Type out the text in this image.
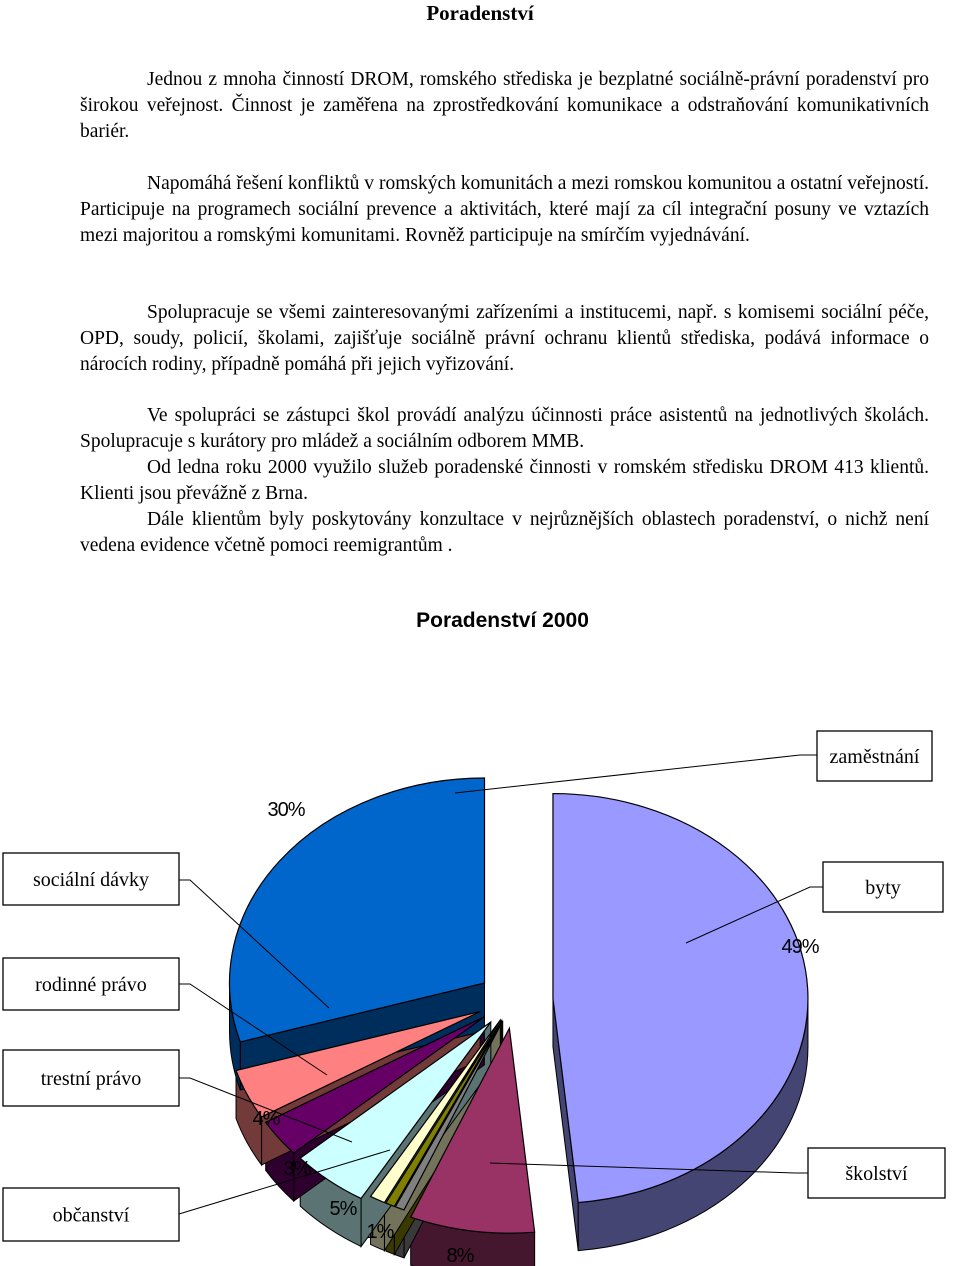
Poradenství

Jednou z mnoha činností DROM, romského střediska je bezplatné sociálně-právní poradenství pro širokou veřejnost. Činnost je zaměřena na zprostředkování komunikace a odstraňování komunikativních bariér.

Napomáhá řešení konfliktů v romských komunitách a mezi romskou komunitou a ostatní veřejností. Participuje na programech sociální prevence a aktivitách, které mají za cíl integrační posuny ve vztazích mezi majoritou a romskými komunitami. Rovněž participuje na smírčím vyjednávání.

Spolupracuje se všemi zainteresovanými zařízeními a institucemi, např. s komisemi sociální péče, OPD, soudy, policií, školami, zajišťuje sociálně právní ochranu klientů střediska, podává informace o nárocích rodiny, případně pomáhá při jejich vyřizování.

Ve spolupráci se zástupci škol provádí analýzu účinnosti práce asistentů na jednotlivých školách. Spolupracuje s kurátory pro mládež a sociálním odborem MMB.

Od ledna roku 2000 využilo služeb poradenské činnosti v romském středisku DROM 413 klientů. Klienti jsou převážně z Brna.

Dále klientům byly poskytovány konzultace v nejrůznějších oblastech poradenství, o nichž není vedena evidence včetně pomoci reemigrantům .

Poradenství 2000
byty
49%
školství
8%
občanství
1%
trestní právo
5%
rodinné právo
3%
sociální dávky
4%
zaměstnání
30%
